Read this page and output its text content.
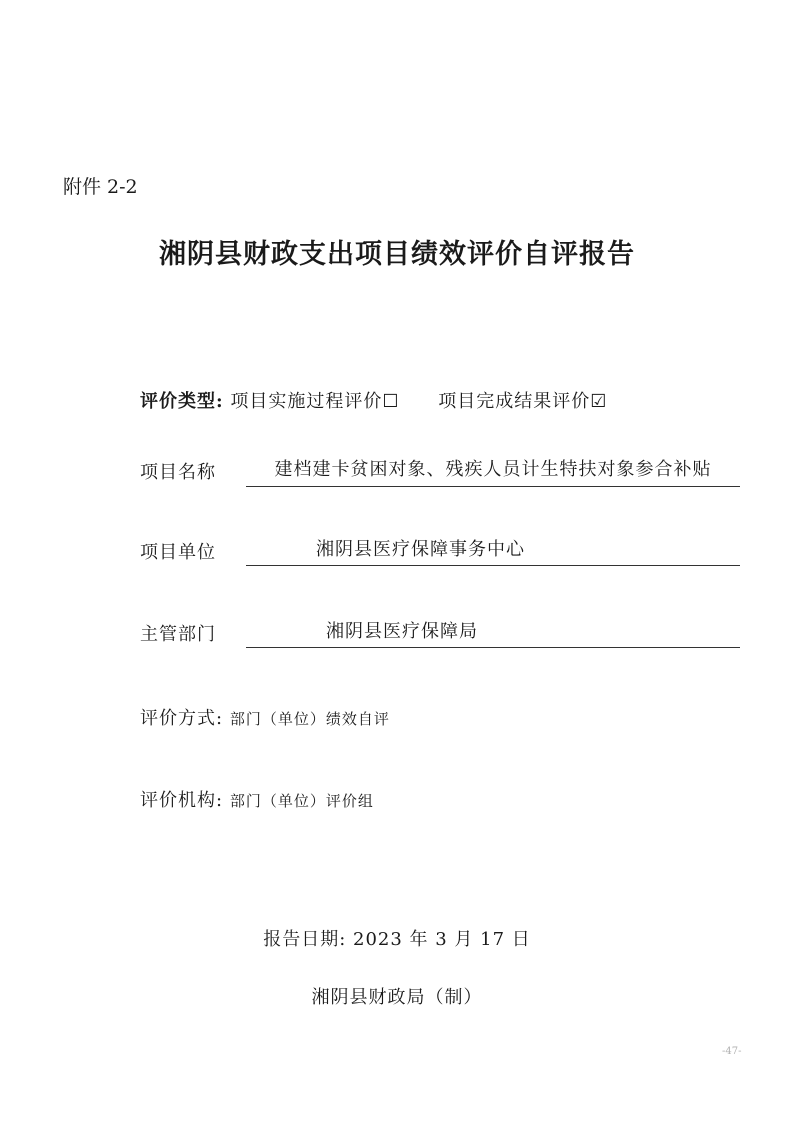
附件 2-2
湘阴县财政支出项目绩效评价自评报告
评价类型: 项目实施过程评价☐ 项目完成结果评价☑
项目名称	建档建卡贫困对象、残疾人员计生特扶对象参合补贴
项目单位	湘阴县医疗保障事务中心
主管部门	湘阴县医疗保障局
评价方式: 部门（单位）绩效自评
评价机构: 部门（单位）评价组
报告日期: 2023 年 3 月 17 日
湘阴县财政局（制）
-47-
